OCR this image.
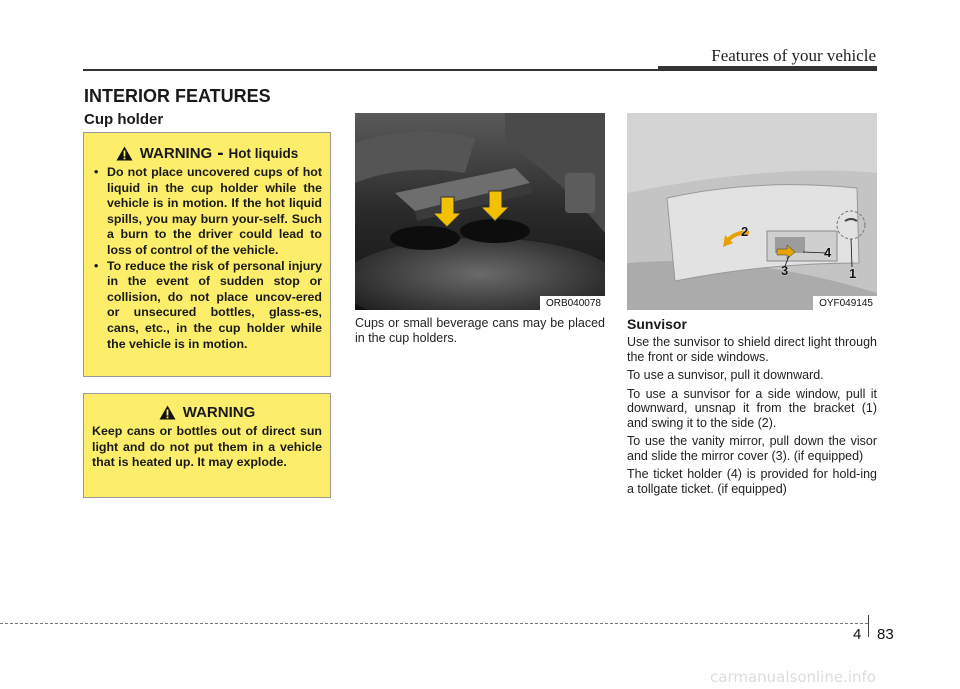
Features of your vehicle
INTERIOR FEATURES
Cup holder
WARNING - Hot liquids
• Do not place uncovered cups of hot liquid in the cup holder while the vehicle is in motion. If the hot liquid spills, you may burn your-self. Such a burn to the driver could lead to loss of control of the vehicle.
• To reduce the risk of personal injury in the event of sudden stop or collision, do not place uncov-ered or unsecured bottles, glass-es, cans, etc., in the cup holder while the vehicle is in motion.
WARNING

Keep cans or bottles out of direct sun light and do not put them in a vehicle that is heated up. It may explode.

ORB040078
Cups or small beverage cans may be placed in the cup holders.
2
4
3	1
OYF049145
Sunvisor

Use the sunvisor to shield direct light through the front or side windows.

To use a sunvisor, pull it downward.

To use a sunvisor for a side window, pull it downward, unsnap it from the bracket (1) and swing it to the side (2).

To use the vanity mirror, pull down the visor and slide the mirror cover (3). (if equipped)

The ticket holder (4) is provided for hold-ing a tollgate ticket. (if equipped)

4 83
carmanualsonline.info
